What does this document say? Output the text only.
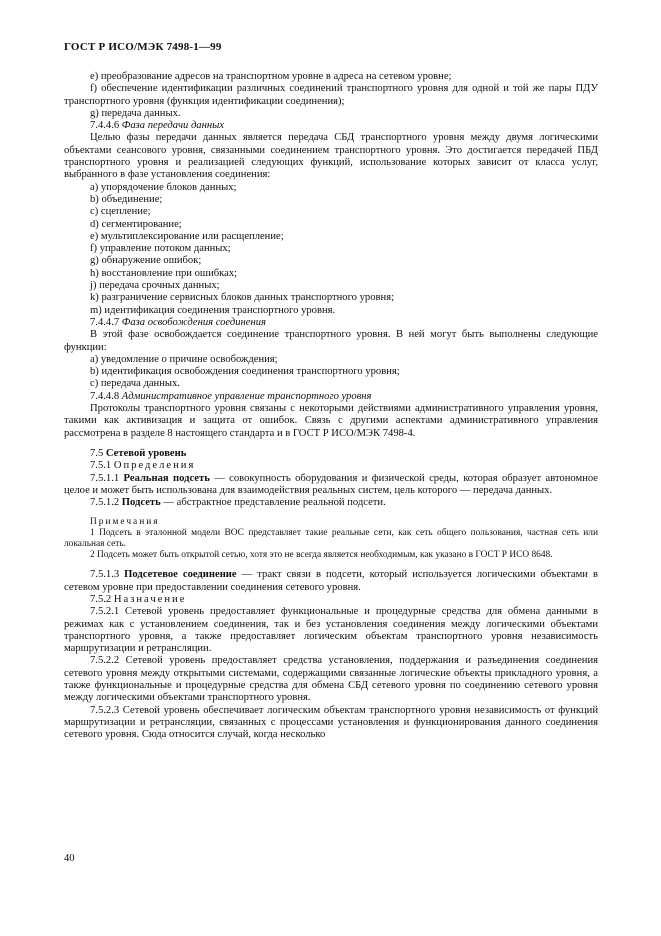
ГОСТ Р ИСО/МЭК 7498-1—99

е) преобразование адресов на транспортном уровне в адреса на сетевом уровне;

f) обеспечение идентификации различных соединений транспортного уровня для одной и той же пары ПДУ транспортного уровня (функция идентификации соединения);

g) передача данных.

7.4.4.6 Фаза передачи данных

Целью фазы передачи данных является передача СБД транспортного уровня между двумя логическими объектами сеансового уровня, связанными соединением транспортного уровня. Это достигается передачей ПБД транспортного уровня и реализацией следующих функций, использование которых зависит от класса услуг, выбранного в фазе установления соединения:

а) упорядочение блоков данных;

b) объединение;

c) сцепление;

d) сегментирование;

е) мультиплексирование или расщепление;

f) управление потоком данных;

g) обнаружение ошибок;

h) восстановление при ошибках;

j) передача срочных данных;

k) разграничение сервисных блоков данных транспортного уровня;

m) идентификация соединения транспортного уровня.

7.4.4.7 Фаза освобождения соединения

В этой фазе освобождается соединение транспортного уровня. В ней могут быть выполнены следующие функции:

а) уведомление о причине освобождения;

b) идентификация освобождения соединения транспортного уровня;

c) передача данных.

7.4.4.8 Административное управление транспортного уровня

Протоколы транспортного уровня связаны с некоторыми действиями административного управления уровня, такими как активизация и защита от ошибок. Связь с другими аспектами административного управления рассмотрена в разделе 8 настоящего стандарта и в ГОСТ Р ИСО/МЭК 7498-4.

7.5 Сетевой уровень

7.5.1 Определения

7.5.1.1 Реальная подсеть — совокупность оборудования и физической среды, которая образует автономное целое и может быть использована для взаимодействия реальных систем, цель которого — передача данных.

7.5.1.2 Подсеть — абстрактное представление реальной подсети.

Примечания

1 Подсеть в эталонной модели ВОС представляет такие реальные сети, как сеть общего пользования, частная сеть или локальная сеть.

2 Подсеть может быть открытой сетью, хотя это не всегда является необходимым, как указано в ГОСТ Р ИСО 8648.

7.5.1.3 Подсетевое соединение — тракт связи в подсети, который используется логическими объектами в сетевом уровне при предоставлении соединения сетевого уровня.

7.5.2 Назначение

7.5.2.1 Сетевой уровень предоставляет функциональные и процедурные средства для обмена данными в режимах как с установлением соединения, так и без установления соединения между логическими объектами транспортного уровня, а также предоставляет логическим объектам транспортного уровня независимость маршрутизации и ретрансляции.

7.5.2.2 Сетевой уровень предоставляет средства установления, поддержания и разъединения соединения сетевого уровня между открытыми системами, содержащими связанные логические объекты прикладного уровня, а также функциональные и процедурные средства для обмена СБД сетевого уровня по соединению сетевого уровня между логическими объектами транспортного уровня.

7.5.2.3 Сетевой уровень обеспечивает логическим объектам транспортного уровня независимость от функций маршрутизации и ретрансляции, связанных с процессами установления и функционирования данного соединения сетевого уровня. Сюда относится случай, когда несколько

40
